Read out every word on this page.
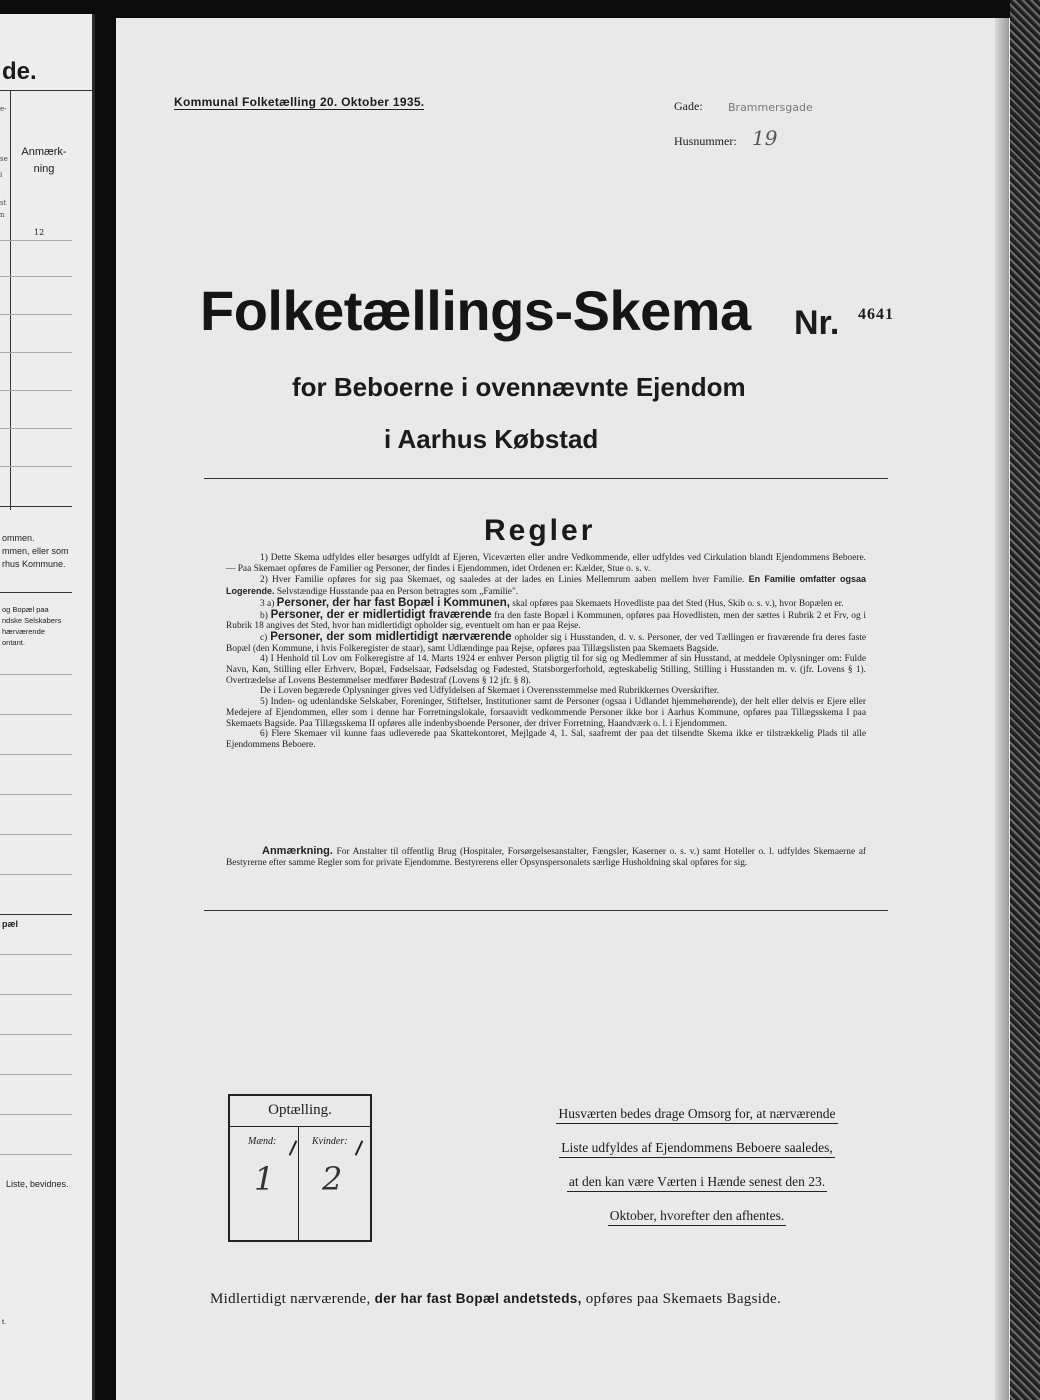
de.
Anmærk-
ning
12
e-
se
i
st
n
ommen.
mmen, eller som
rhus Kommune.
og Bopæl paa
ndske Selskabers
hærværende
ontant.
pæl
Liste, bevidnes.
t.
Kommunal Folketælling 20. Oktober 1935.	Gade: Brammersgade
Husnummer: 19
Folketællings-Skema Nr. 4641
for Beboerne i ovennævnte Ejendom
i Aarhus Købstad
Regler

1) Dette Skema udfyldes eller besørges udfyldt af Ejeren, Viceværten eller andre Vedkommende, eller udfyldes ved Cirkulation blandt Ejendommens Beboere. — Paa Skemaet opføres de Familier og Personer, der findes i Ejendommen, idet Ordenen er: Kælder, Stue o. s. v.

2) Hver Familie opføres for sig paa Skemaet, og saaledes at der lades en Linies Mellemrum aaben mellem hver Familie. En Familie omfatter ogsaa Logerende. Selvstændige Husstande paa en Person betragtes som „Familie".

3 a) Personer, der har fast Bopæl i Kommunen, skal opføres paa Skemaets Hovedliste paa det Sted (Hus, Skib o. s. v.), hvor Bopælen er.

b) Personer, der er midlertidigt fraværende fra den faste Bopæl i Kommunen, opføres paa Hovedlisten, men der sættes i Rubrik 2 et Frv, og i Rubrik 18 angives det Sted, hvor han midlertidigt opholder sig, eventuelt om han er paa Rejse.

c) Personer, der som midlertidigt nærværende opholder sig i Husstanden, d. v. s. Personer, der ved Tællingen er fraværende fra deres faste Bopæl (den Kommune, i hvis Folkeregister de staar), samt Udlændinge paa Rejse, opføres paa Tillægslisten paa Skemaets Bagside.

4) I Henhold til Lov om Folkeregistre af 14. Marts 1924 er enhver Person pligtig til for sig og Medlemmer af sin Husstand, at meddele Oplysninger om: Fulde Navn, Køn, Stilling eller Erhverv, Bopæl, Fødselsaar, Fødselsdag og Fødested, Statsborgerforhold, ægteskabelig Stilling, Stilling i Husstanden m. v. (jfr. Lovens § 1). Overtrædelse af Lovens Bestemmelser medfører Bødestraf (Lovens § 12 jfr. § 8).

De i Loven begærede Oplysninger gives ved Udfyldelsen af Skemaet i Overensstemmelse med Rubrikkernes Overskrifter.

5) Inden- og udenlandske Selskaber, Foreninger, Stiftelser, Institutioner samt de Personer (ogsaa i Udlandet hjemmehørende), der helt eller delvis er Ejere eller Medejere af Ejendommen, eller som i denne har Forretningslokale, forsaavidt vedkommende Personer ikke bor i Aarhus Kommune, opføres paa Tillægsskema I paa Skemaets Bagside. Paa Tillægsskema II opføres alle indenbysboende Personer, der driver Forretning, Haandværk o. l. i Ejendommen.

6) Flere Skemaer vil kunne faas udleverede paa Skattekontoret, Mejlgade 4, 1. Sal, saafremt der paa det tilsendte Skema ikke er tilstrækkelig Plads til alle Ejendommens Beboere.

Anmærkning. For Anstalter til offentlig Brug (Hospitaler, Forsørgelsesanstalter, Fængsler, Kaserner o. s. v.) samt Hoteller o. l. udfyldes Skemaerne af Bestyrerne efter samme Regler som for private Ejendomme. Bestyrerens eller Opsynspersonalets særlige Husholdning skal opføres for sig.

Optælling.
Mænd:	Kvinder:
1 2
Husværten bedes drage Omsorg for, at nærværende
Liste udfyldes af Ejendommens Beboere saaledes,
at den kan være Værten i Hænde senest den 23.
Oktober, hvorefter den afhentes.
Midlertidigt nærværende, der har fast Bopæl andetsteds, opføres paa Skemaets Bagside.
